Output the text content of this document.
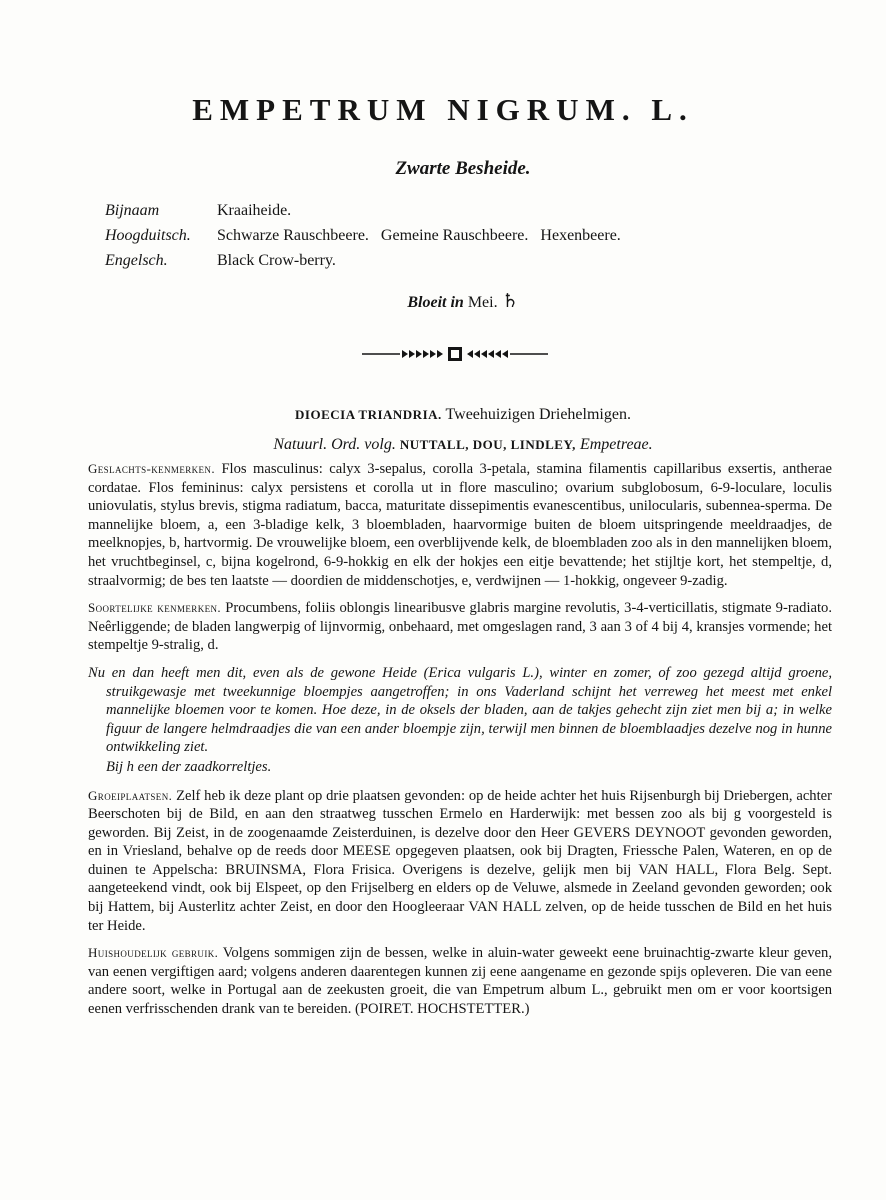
EMPETRUM NIGRUM. L.
Zwarte Besheide.
Bijnaam	Kraaiheide.
Hoogduitsch.	Schwarze Rauschbeere.   Gemeine Rauschbeere.   Hexenbeere.
Engelsch.	Black Crow-berry.
Bloeit in Mei. ♄
DIOECIA TRIANDRIA. Tweehuizigen Driehelmigen.
Natuurl. Ord. volg. NUTTALL, DOU, LINDLEY, Empetreae.

Geslachts-kenmerken. Flos masculinus: calyx 3-sepalus, corolla 3-petala, stamina filamentis capillaribus exsertis, antherae cordatae. Flos femininus: calyx persistens et corolla ut in flore masculino; ovarium subglobosum, 6-9-loculare, loculis uniovulatis, stylus brevis, stigma radiatum, bacca, maturitate dissepimentis evanescentibus, unilocularis, subennea-sperma. De mannelijke bloem, a, een 3-bladige kelk, 3 bloembladen, haarvormige buiten de bloem uitspringende meeldraadjes, de meelknopjes, b, hartvormig. De vrouwelijke bloem, een overblijvende kelk, de bloembladen zoo als in den mannelijken bloem, het vruchtbeginsel, c, bijna kogelrond, 6-9-hokkig en elk der hokjes een eitje bevattende; het stijltje kort, het stempeltje, d, straalvormig; de bes ten laatste — doordien de middenschotjes, e, verdwijnen — 1-hokkig, ongeveer 9-zadig.

Soortelijke kenmerken. Procumbens, foliis oblongis linearibusve glabris margine revolutis, 3-4-verticillatis, stigmate 9-radiato. Neêrliggende; de bladen langwerpig of lijnvormig, onbehaard, met omgeslagen rand, 3 aan 3 of 4 bij 4, kransjes vormende; het stempeltje 9-stralig, d.

Nu en dan heeft men dit, even als de gewone Heide (Erica vulgaris L.), winter en zomer, of zoo gezegd altijd groene, struikgewasje met tweekunnige bloempjes aangetroffen; in ons Vaderland schijnt het verreweg het meest met enkel mannelijke bloemen voor te komen. Hoe deze, in de oksels der bladen, aan de takjes gehecht zijn ziet men bij a; in welke figuur de langere helmdraadjes die van een ander bloempje zijn, terwijl men binnen de bloemblaadjes dezelve nog in hunne ontwikkeling ziet.

Bij h een der zaadkorreltjes.

Groeiplaatsen. Zelf heb ik deze plant op drie plaatsen gevonden: op de heide achter het huis Rijsenburgh bij Driebergen, achter Beerschoten bij de Bild, en aan den straatweg tusschen Ermelo en Harderwijk: met bessen zoo als bij g voorgesteld is geworden. Bij Zeist, in de zoogenaamde Zeisterduinen, is dezelve door den Heer GEVERS DEYNOOT gevonden geworden, en in Vriesland, behalve op de reeds door MEESE opgegeven plaatsen, ook bij Dragten, Friessche Palen, Wateren, en op de duinen te Appelscha: BRUINSMA, Flora Frisica. Overigens is dezelve, gelijk men bij VAN HALL, Flora Belg. Sept. aangeteekend vindt, ook bij Elspeet, op den Frijselberg en elders op de Veluwe, alsmede in Zeeland gevonden geworden; ook bij Hattem, bij Austerlitz achter Zeist, en door den Hoogleeraar VAN HALL zelven, op de heide tusschen de Bild en het huis ter Heide.

Huishoudelijk gebruik. Volgens sommigen zijn de bessen, welke in aluin-water geweekt eene bruinachtig-zwarte kleur geven, van eenen vergiftigen aard; volgens anderen daarentegen kunnen zij eene aangename en gezonde spijs opleveren. Die van eene andere soort, welke in Portugal aan de zeekusten groeit, die van Empetrum album L., gebruikt men om er voor koortsigen eenen verfrisschenden drank van te bereiden. (POIRET. HOCHSTETTER.)
